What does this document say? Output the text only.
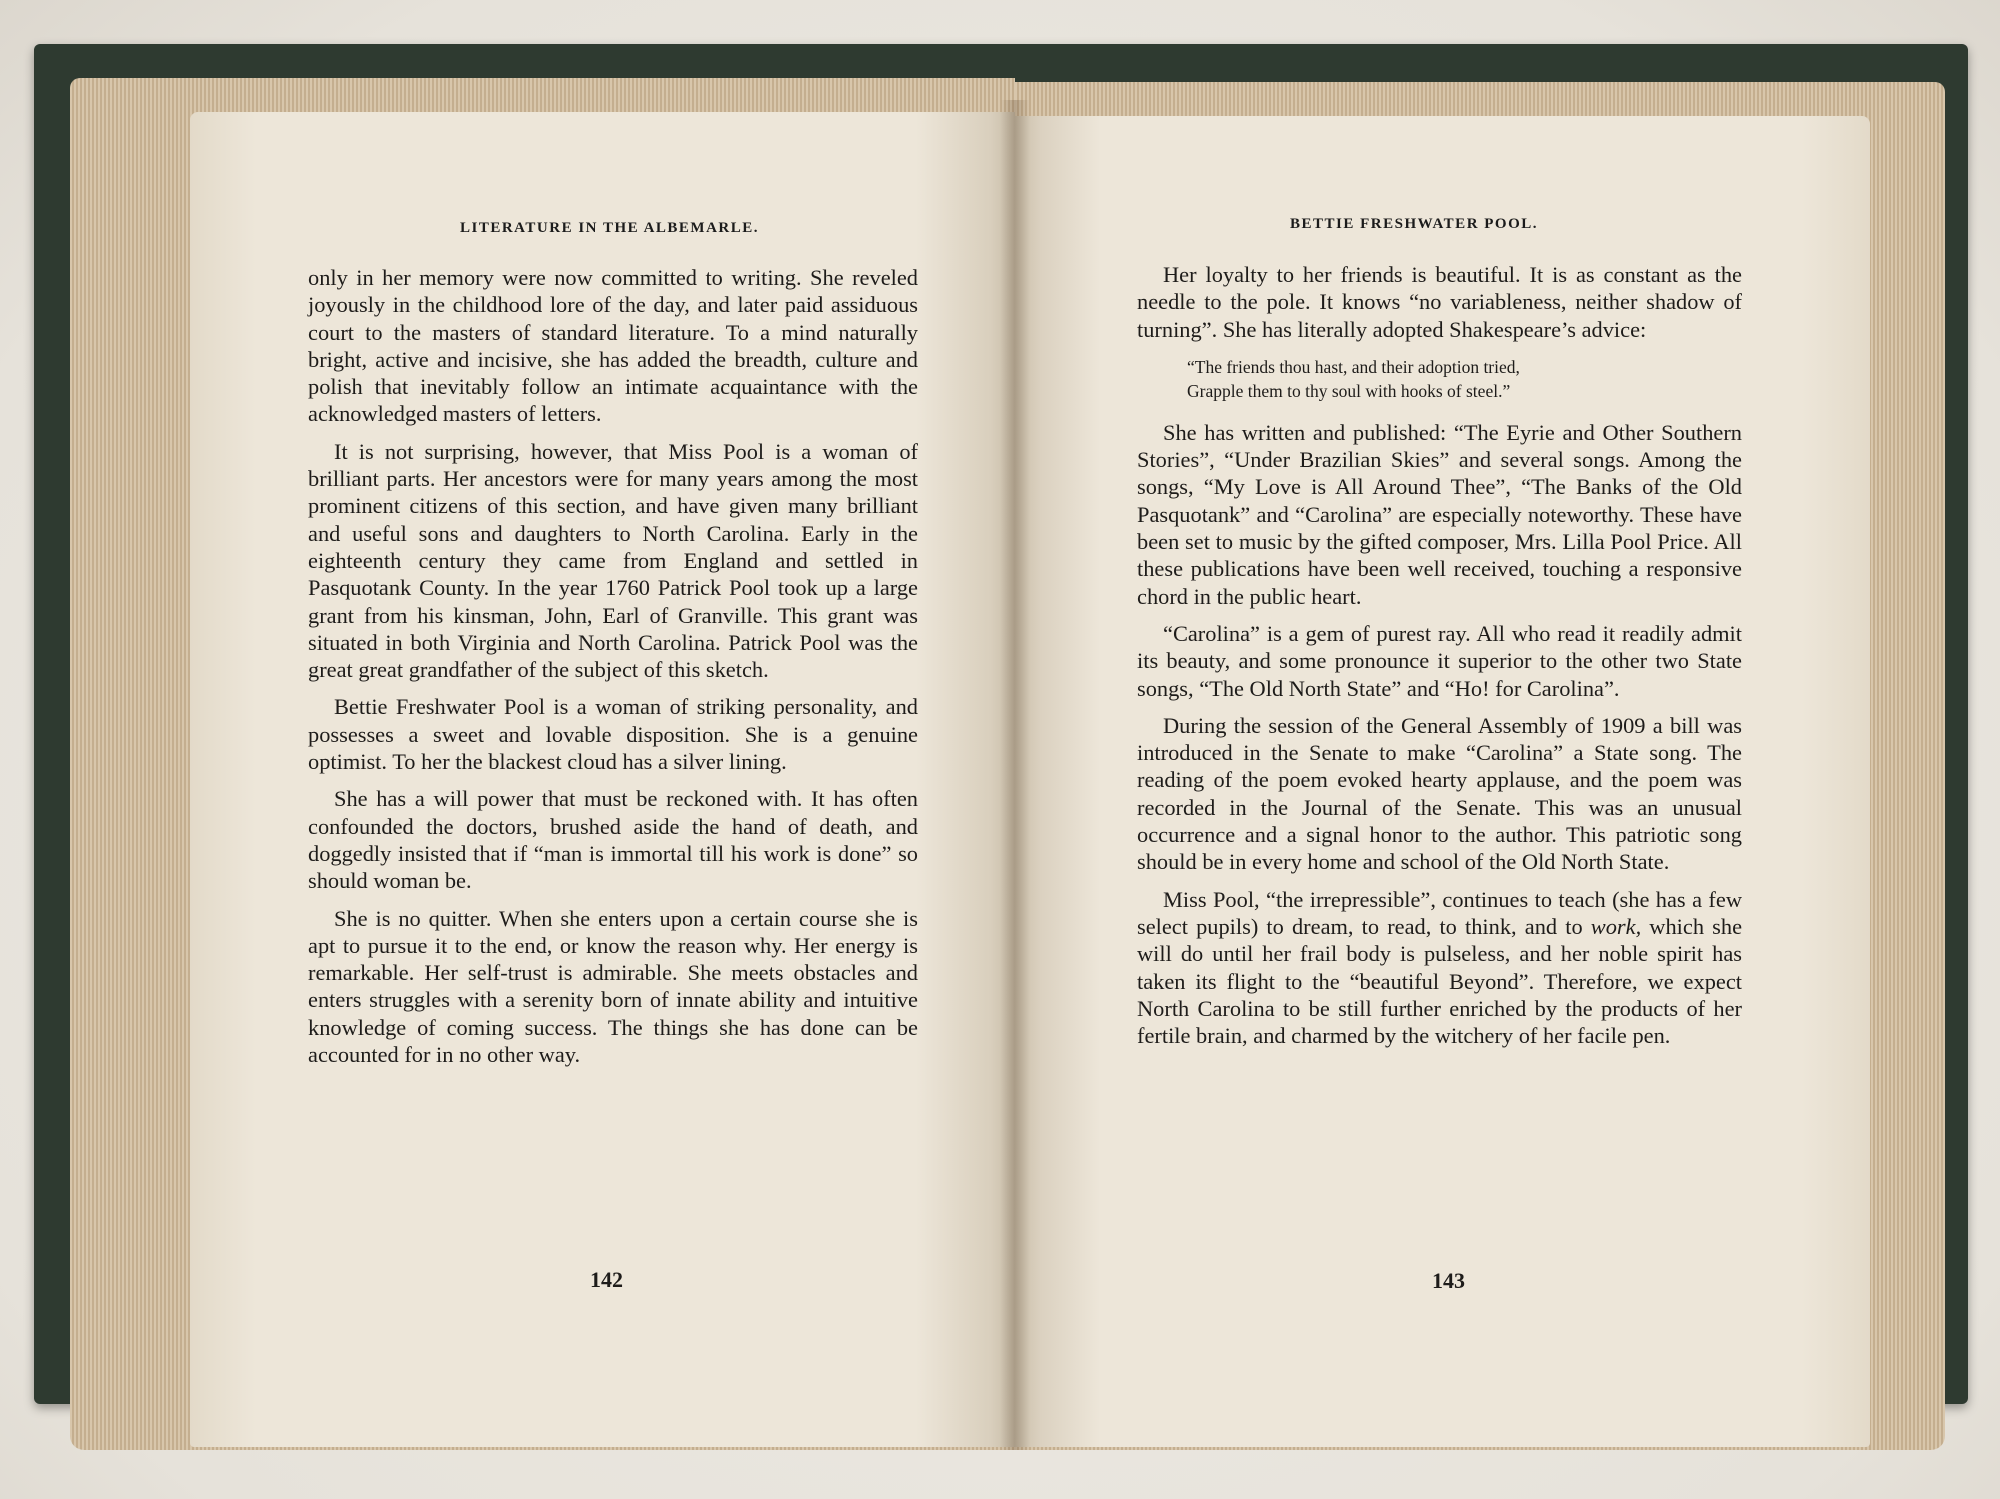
LITERATURE IN THE ALBEMARLE.

only in her memory were now committed to writing. She reveled joyously in the childhood lore of the day, and later paid assiduous court to the masters of standard literature. To a mind naturally bright, active and incisive, she has added the breadth, culture and polish that inevitably follow an intimate acquaintance with the acknowledged masters of letters.

It is not surprising, however, that Miss Pool is a woman of brilliant parts. Her ancestors were for many years among the most prominent citizens of this section, and have given many brilliant and useful sons and daughters to North Carolina. Early in the eighteenth century they came from England and settled in Pasquotank County. In the year 1760 Patrick Pool took up a large grant from his kinsman, John, Earl of Granville. This grant was situated in both Virginia and North Carolina. Patrick Pool was the great great grandfather of the subject of this sketch.

Bettie Freshwater Pool is a woman of striking personality, and possesses a sweet and lovable disposition. She is a genuine optimist. To her the blackest cloud has a silver lining.

She has a will power that must be reckoned with. It has often confounded the doctors, brushed aside the hand of death, and doggedly insisted that if “man is immortal till his work is done” so should woman be.

She is no quitter. When she enters upon a certain course she is apt to pursue it to the end, or know the reason why. Her energy is remarkable. Her self-trust is admirable. She meets obstacles and enters struggles with a serenity born of innate ability and intuitive knowledge of coming success. The things she has done can be accounted for in no other way.

142
BETTIE FRESHWATER POOL.

Her loyalty to her friends is beautiful. It is as constant as the needle to the pole. It knows “no variableness, neither shadow of turning”. She has literally adopted Shakespeare’s advice:

“The friends thou hast, and their adoption tried,
Grapple them to thy soul with hooks of steel.”

She has written and published: “The Eyrie and Other Southern Stories”, “Under Brazilian Skies” and several songs. Among the songs, “My Love is All Around Thee”, “The Banks of the Old Pasquotank” and “Carolina” are especially noteworthy. These have been set to music by the gifted composer, Mrs. Lilla Pool Price. All these publications have been well received, touching a responsive chord in the public heart.

“Carolina” is a gem of purest ray. All who read it readily admit its beauty, and some pronounce it superior to the other two State songs, “The Old North State” and “Ho! for Carolina”.

During the session of the General Assembly of 1909 a bill was introduced in the Senate to make “Carolina” a State song. The reading of the poem evoked hearty applause, and the poem was recorded in the Journal of the Senate. This was an unusual occurrence and a signal honor to the author. This patriotic song should be in every home and school of the Old North State.

Miss Pool, “the irrepressible”, continues to teach (she has a few select pupils) to dream, to read, to think, and to work, which she will do until her frail body is pulseless, and her noble spirit has taken its flight to the “beautiful Beyond”. Therefore, we expect North Carolina to be still further enriched by the products of her fertile brain, and charmed by the witchery of her facile pen.

143
